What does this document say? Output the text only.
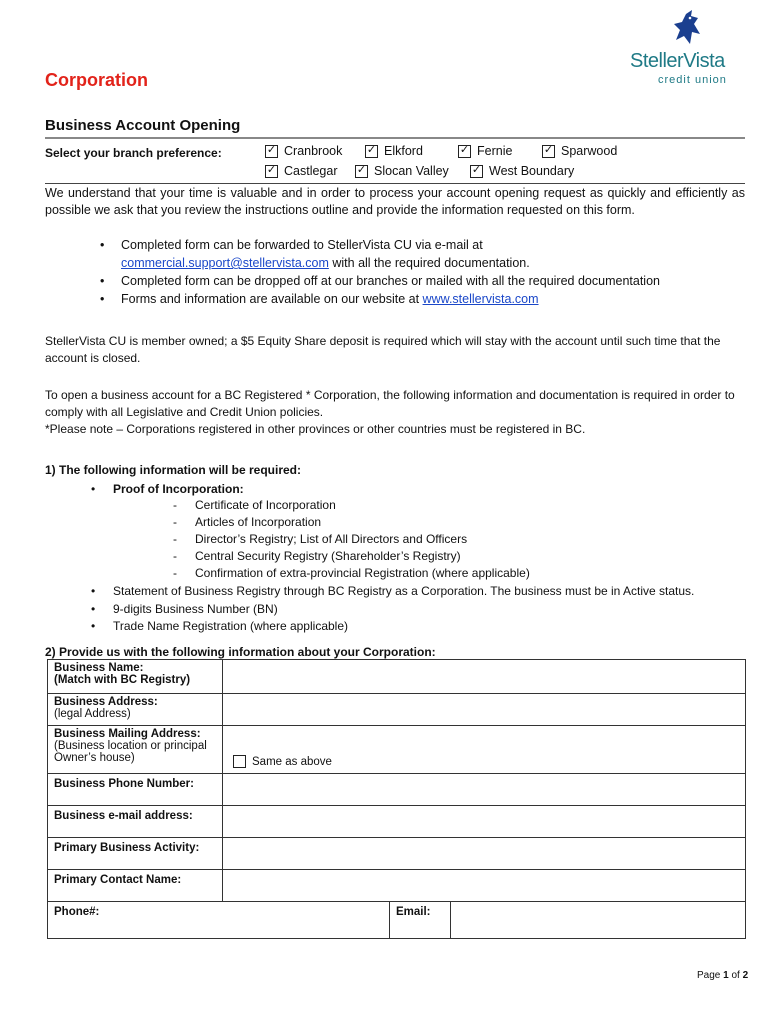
Corporation
StellerVista
credit union
Business Account Opening
Select your branch preference: ✓	Cranbrook ✓	Elkford ✓	Fernie ✓	Sparwood
✓
Castlegar ✓	Slocan Valley ✓	West Boundary

We understand that your time is valuable and in order to process your account opening request as quickly and efficiently as possible we ask that you review the instructions outline and provide the information requested on this form.

• Completed form can be forwarded to StellerVista CU via e-mail at
commercial.support@stellervista.com with all the required documentation.
• Completed form can be dropped off at our branches or mailed with all the required documentation
• Forms and information are available on our website at www.stellervista.com

StellerVista CU is member owned; a $5 Equity Share deposit is required which will stay with the account until such time that the account is closed.

To open a business account for a BC Registered * Corporation, the following information and documentation is required in order to comply with all Legislative and Credit Union policies.

*Please note – Corporations registered in other provinces or other countries must be registered in BC.

1) The following information will be required:
• Proof of Incorporation:
- Certificate of Incorporation
- Articles of Incorporation
- Director’s Registry; List of All Directors and Officers
- Central Security Registry (Shareholder’s Registry)
- Confirmation of extra-provincial Registration (where applicable)
• Statement of Business Registry through BC Registry as a Corporation. The business must be in Active status.
• 9-digits Business Number (BN)
• Trade Name Registration (where applicable)
2) Provide us with the following information about your Corporation:
Business Name:
(Match with BC Registry)			

Business Address:
(legal Address)			

Business Mailing Address:
(Business location or principal Owner’s house)	Same as above		

Business Phone Number:			
Business e-mail address:			
Primary Business Activity:			
Primary Contact Name:			
Phone#:		Email:	
Page 1 of 2
